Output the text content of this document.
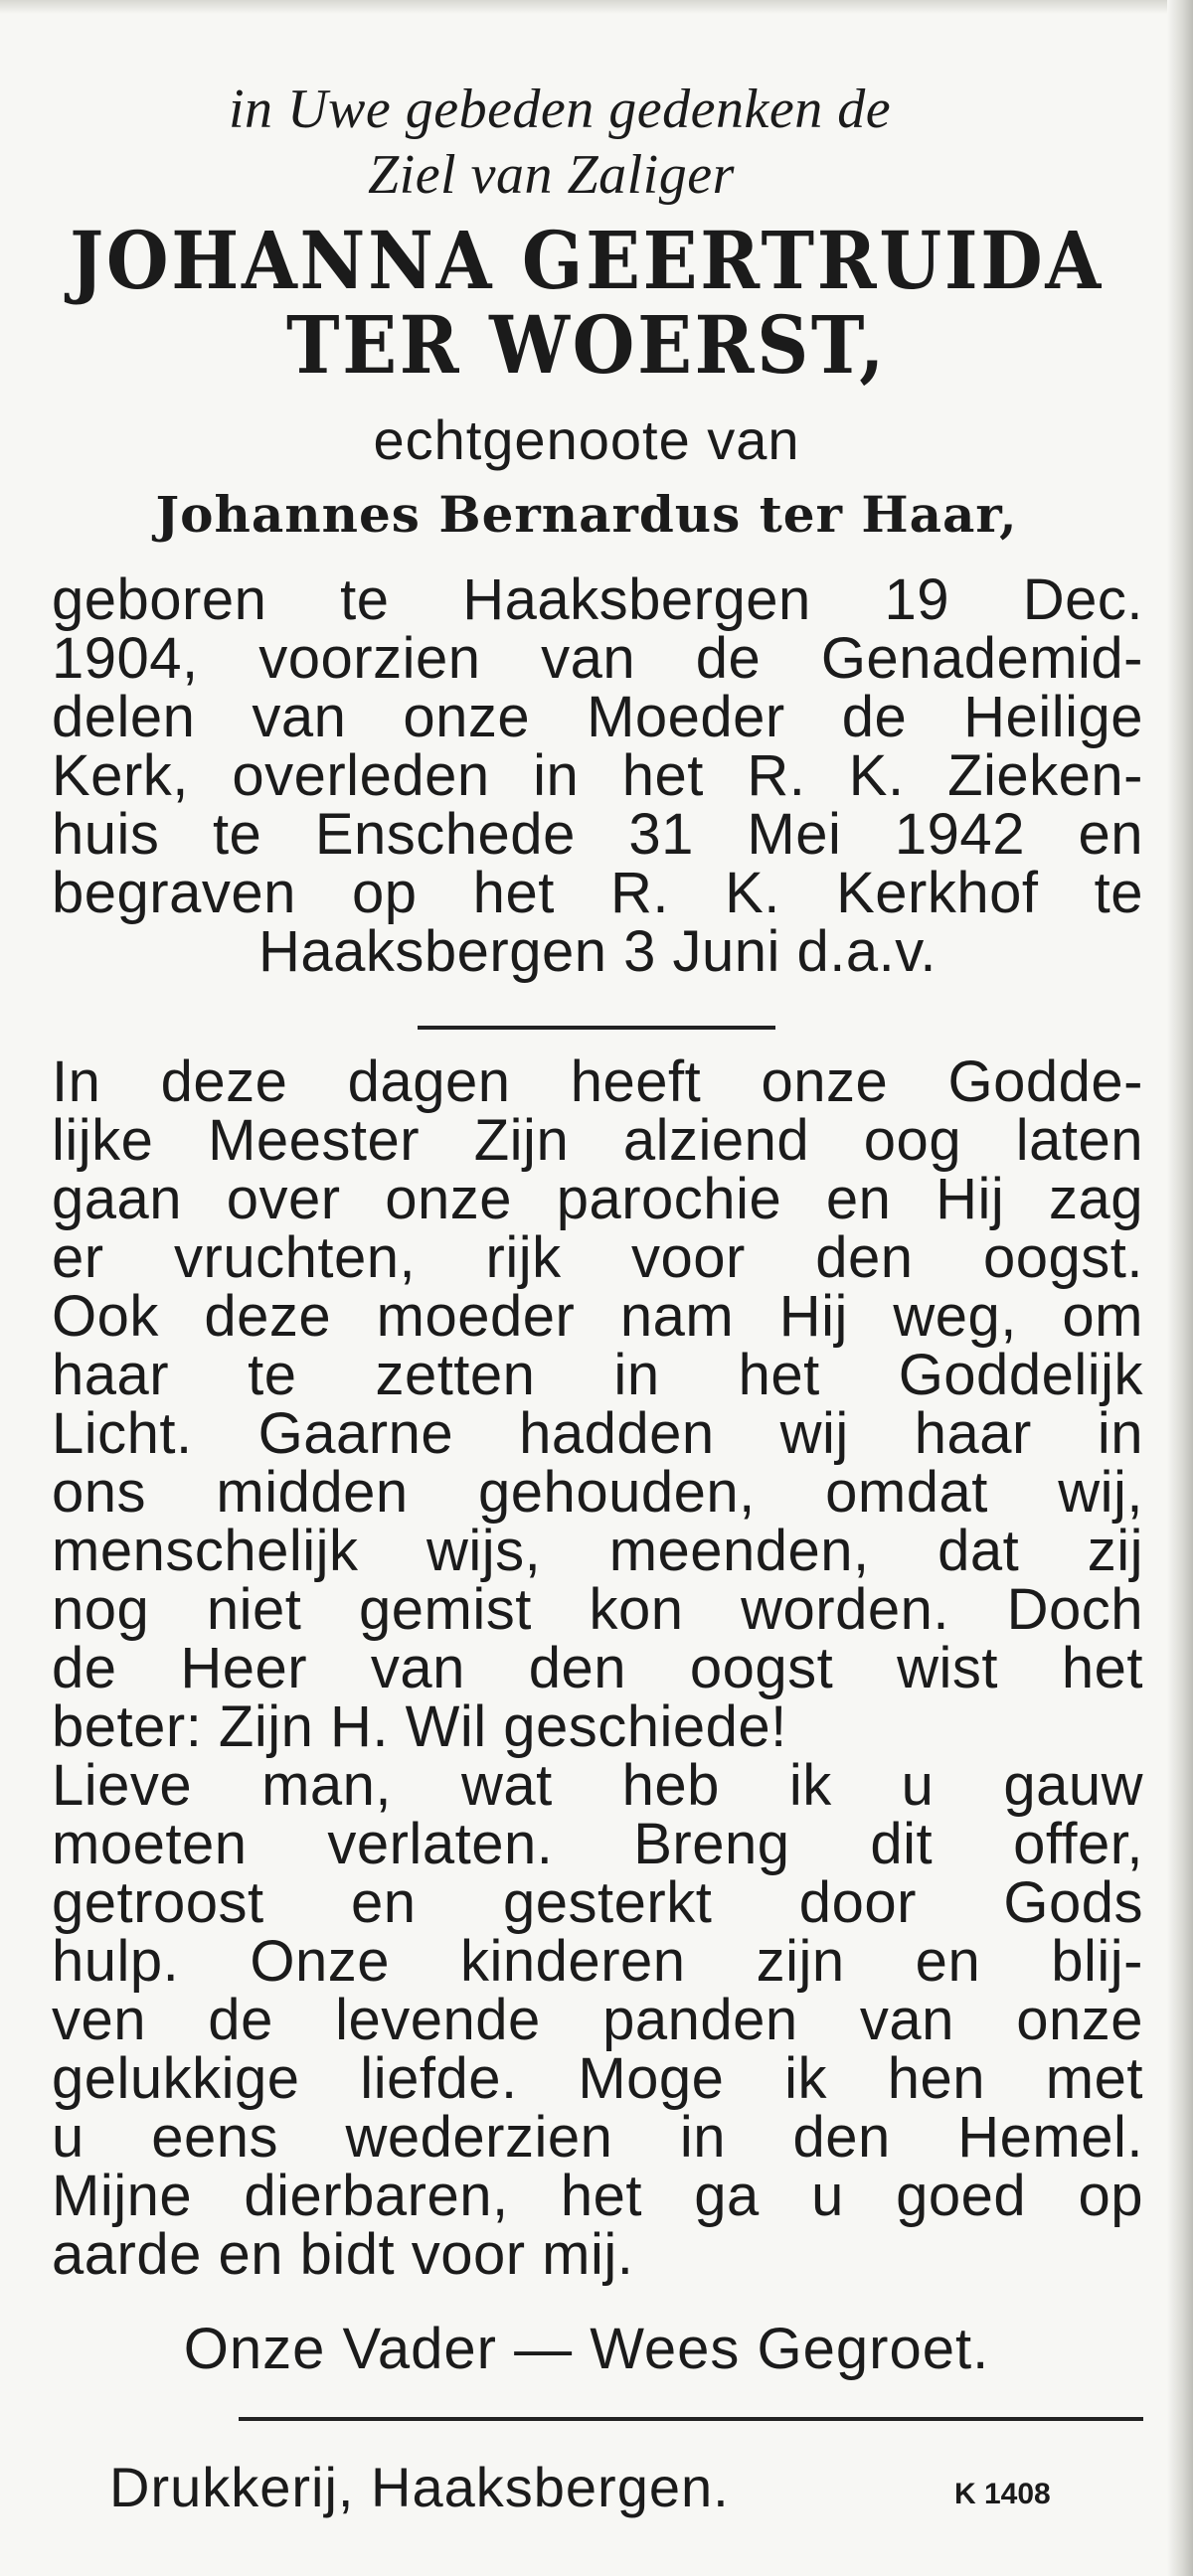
in Uwe gebeden gedenken de
Ziel van Zaliger
JOHANNA GEERTRUIDA
TER WOERST,
echtgenoote van
Johannes Bernardus ter Haar,
geboren te Haaksbergen 19 Dec.
1904, voorzien van de Genademid-
delen van onze Moeder de Heilige
Kerk, overleden in het R. K. Zieken-
huis te Enschede 31 Mei 1942 en
begraven op het R. K. Kerkhof te
Haaksbergen 3 Juni d.a.v.
In deze dagen heeft onze Godde-
lijke Meester Zijn alziend oog laten
gaan over onze parochie en Hij zag
er vruchten, rijk voor den oogst.
Ook deze moeder nam Hij weg, om
haar te zetten in het Goddelijk
Licht. Gaarne hadden wij haar in
ons midden gehouden, omdat wij,
menschelijk wijs, meenden, dat zij
nog niet gemist kon worden. Doch
de Heer van den oogst wist het
beter: Zijn H. Wil geschiede!
Lieve man, wat heb ik u gauw
moeten verlaten. Breng dit offer,
getroost en gesterkt door Gods
hulp. Onze kinderen zijn en blij-
ven de levende panden van onze
gelukkige liefde. Moge ik hen met
u eens wederzien in den Hemel.
Mijne dierbaren, het ga u goed op
aarde en bidt voor mij.
Onze Vader — Wees Gegroet.
Drukkerij, Haaksbergen.	K 1408
